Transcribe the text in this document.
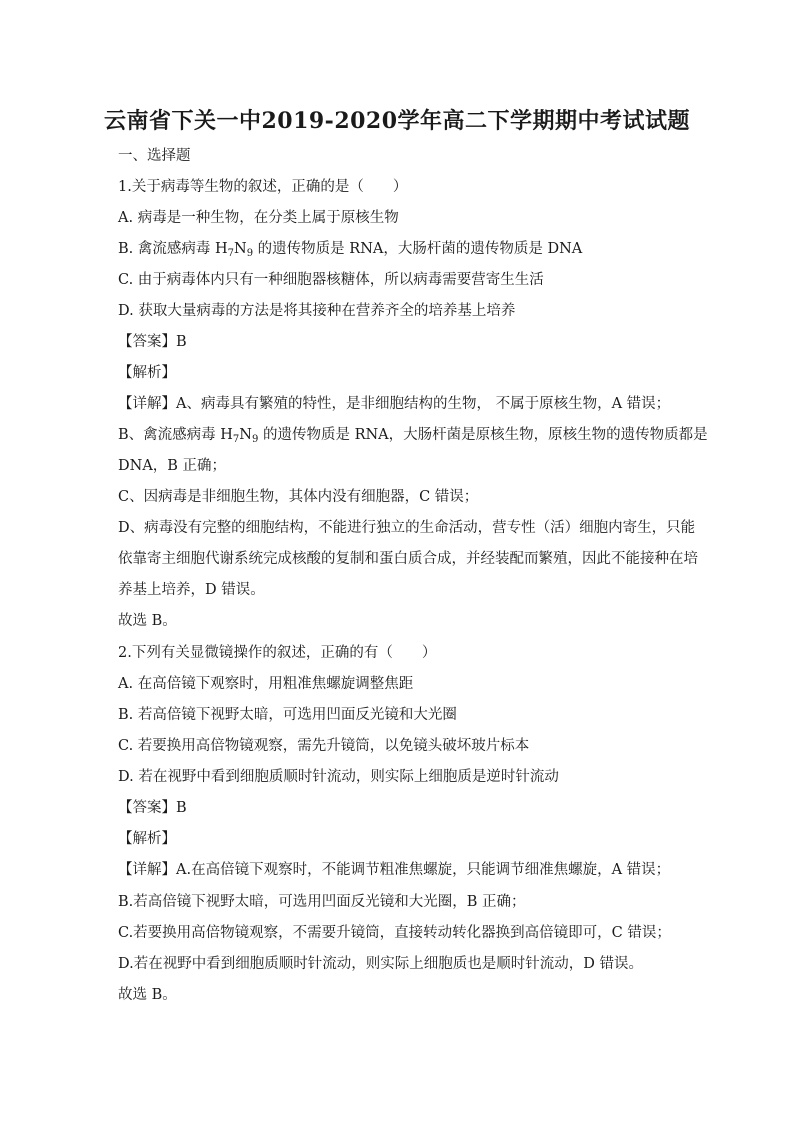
云南省下关一中2019-2020学年高二下学期期中考试试题
一、选择题
1.关于病毒等生物的叙述，正确的是（　　）
A. 病毒是一种生物，在分类上属于原核生物
B. 禽流感病毒 $H_7N_9$ 的遗传物质是 RNA，大肠杆菌的遗传物质是 DNA
C. 由于病毒体内只有一种细胞器核糖体，所以病毒需要营寄生生活
D. 获取大量病毒的方法是将其接种在营养齐全的培养基上培养
【答案】B
【解析】
【详解】A、病毒具有繁殖的特性，是非细胞结构的生物， 不属于原核生物，A 错误；
B、禽流感病毒 $H_7N_9$ 的遗传物质是 RNA，大肠杆菌是原核生物，原核生物的遗传物质都是
DNA，B 正确；
C、因病毒是非细胞生物，其体内没有细胞器，C 错误；
D、病毒没有完整的细胞结构，不能进行独立的生命活动，营专性（活）细胞内寄生，只能
依靠寄主细胞代谢系统完成核酸的复制和蛋白质合成，并经装配而繁殖，因此不能接种在培
养基上培养，D 错误。
故选 B。
2.下列有关显微镜操作的叙述，正确的有（　　）
A. 在高倍镜下观察时，用粗准焦螺旋调整焦距
B. 若高倍镜下视野太暗，可选用凹面反光镜和大光圈
C. 若要换用高倍物镜观察，需先升镜筒，以免镜头破坏玻片标本
D. 若在视野中看到细胞质顺时针流动，则实际上细胞质是逆时针流动
【答案】B
【解析】
【详解】A.在高倍镜下观察时，不能调节粗准焦螺旋，只能调节细准焦螺旋，A 错误；
B.若高倍镜下视野太暗，可选用凹面反光镜和大光圈，B 正确；
C.若要换用高倍物镜观察，不需要升镜筒，直接转动转化器换到高倍镜即可，C 错误；
D.若在视野中看到细胞质顺时针流动，则实际上细胞质也是顺时针流动，D 错误。
故选 B。
